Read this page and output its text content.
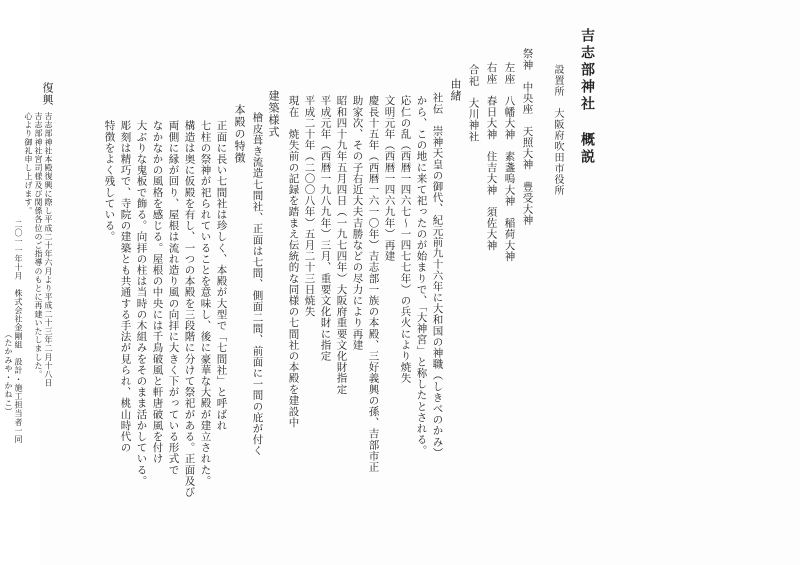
吉志部神社 概説
設置所　大阪府吹田市役所
祭神　中央座　天照大神　豊受大神
左座　八幡大神　素盞嗚大神　稲荷大神
右座　春日大神　住吉大神　須佐大神
合祀　大川神社
由緒
社伝　崇神天皇の御代、紀元前九十六年に大和国の神職（しきべのかみ）
から、この地に来て祀ったのが始まりで、「大神宮」と称したとされる。
応仁の乱（西暦一四六七〜一四七七年）の兵火により焼失
文明元年（西暦一四六九年）再建
慶長十五年（西暦一六一〇年）吉志部一族の本殿、三好義興の孫、吉部市正
助家次、その子右近大夫吉勝などの尽力により再建
昭和四十九年五月四日（一九七四年）大阪府重要文化財指定
平成元年（西暦一九八九年）三月、重要文化財に指定
平成二十年（二〇〇八年）五月二十三日焼失
現在　焼失前の記録を踏まえ伝統的な同様の七間社の本殿を建設中
建築様式
檜皮葺き流造七間社、正面は七間、側面二間、前面に一間の庇が付く
本殿の特徴
正面に長い七間社は珍しく、本殿が大型で「七間社」と呼ばれ
七柱の祭神が祀られていることを意味し、後に豪華な大殿が建立された。
構造は奥に仮殿を有し、一つの本殿を三段階に分けて祭祀がある。正面及び
両側に縁が回り、屋根は流れ造り風の向拝に大きく下がっている形式で
なかなかの風格を感じる。屋根の中央には千鳥破風と軒唐破風を付け
大ぶりな鬼板で飾る。向拝の柱は当時の木組みをそのまま活かしている。
彫刻は精巧で、寺院の建築とも共通する手法が見られ、桃山時代の
特徴をよく残している。
復興
吉志部神社本殿復興に際し平成二十年六月より平成二十三年二月十八日
吉志部神社宮司様及び関係各位のご指導のもとに再建いたしました。
心より御礼申し上げます。
二〇一一年十月　株式会社金剛組　設計・施工担当者一同
（たかみや・かねこ）
